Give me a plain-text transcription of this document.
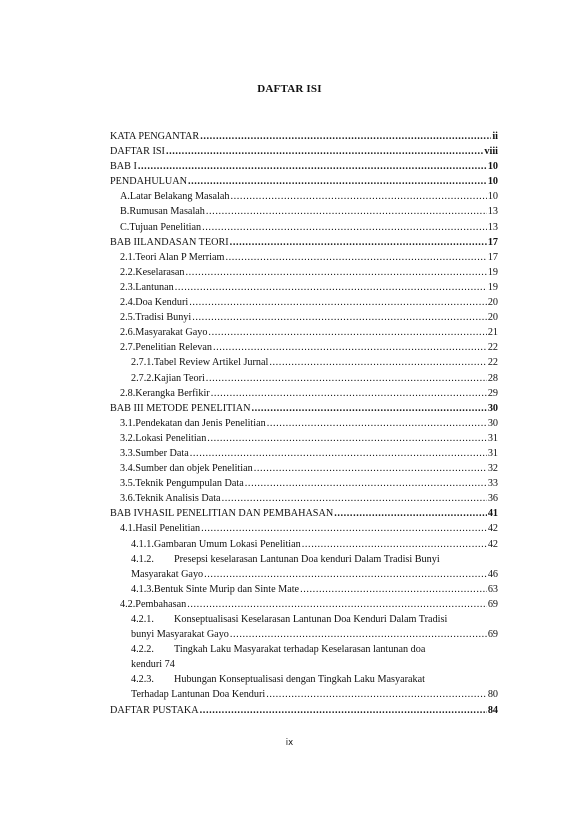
DAFTAR ISI
KATA PENGANTAR .....	ii
DAFTAR ISI .....	viii
BAB I .....	10
PENDAHULUAN .....	10
A. Latar Belakang Masalah .....	10
B. Rumusan Masalah .....	13
C. Tujuan Penelitian .....	13
BAB II LANDASAN TEORI .....	17
2.1. Teori Alan P Merriam .....	17
2.2. Keselarasan .....	19
2.3. Lantunan .....	19
2.4. Doa Kenduri .....	20
2.5. Tradisi Bunyi .....	20
2.6. Masyarakat Gayo .....	21
2.7. Penelitian Relevan .....	22
2.7.1. Tabel Review Artikel Jurnal .....	22
2.7.2. Kajian Teori .....	28
2.8. Kerangka Berfikir .....	29
BAB III METODE PENELITIAN .....	30
3.1. Pendekatan dan Jenis Penelitian .....	30
3.2. Lokasi Penelitian .....	31
3.3. Sumber Data .....	31
3.4. Sumber dan objek Penelitian .....	32
3.5. Teknik Pengumpulan Data .....	33
3.6. Teknik Analisis Data .....	36
BAB IV HASIL PENELITIAN DAN PEMBAHASAN .....	41
4.1. Hasil Penelitian .....	42
4.1.1. Gambaran Umum Lokasi Penelitian .....	42
4.1.2.	Presepsi keselarasan Lantunan Doa kenduri Dalam Tradisi Bunyi
Masyarakat Gayo .....	46
4.1.3. Bentuk Sinte Murip dan Sinte Mate .....	63
4.2. Pembahasan .....	69
4.2.1.	Konseptualisasi Keselarasan Lantunan Doa Kenduri Dalam Tradisi
bunyi Masyarakat Gayo .....	69
4.2.2.	Tingkah Laku Masyarakat terhadap Keselarasan lantunan doa
kenduri 74
4.2.3.	Hubungan Konseptualisasi dengan Tingkah Laku Masyarakat
Terhadap Lantunan Doa Kenduri .....	80
DAFTAR PUSTAKA .....	84
ix
